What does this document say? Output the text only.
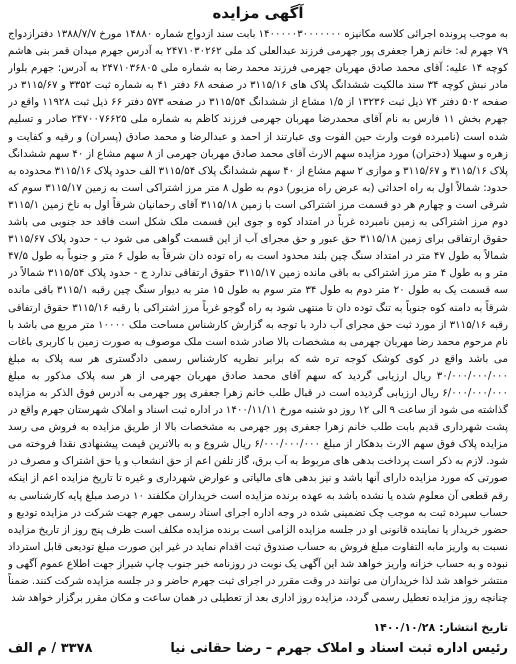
آگهی مزایده

به موجب پرونده اجرائی کلاسه مکانیزه ۱۴۰۰۰۰۰۳۰۰۰۰۰۰۰ بابت سند ازدواج شماره ۱۴۸۸۰ مورخ ۱۳۸۸/۷/۷ دفترازدواج ۷۹ جهرم له: خانم زهرا جعفری پور جهرمی فرزند عبدالعلی کد ملی ۲۴۷۱۰۳۰۲۶۲ به آدرس جهرم میدان قمر بنی هاشم کوچه ۱۴ علیه: آقای محمد صادق مهربان جهرمی فرزند محمد رضا به شماره ملی ۲۴۷۱۰۳۶۸۰۵ به آدرس: جهرم بلوار مادر نبش کوچه ۳۴ سند مالکیت ششدانگ پلاک های ۳۱۱۵/۱۶ در صفحه ۶۸ دفتر ۴۱ به شماره ثبت ۳۳۵۲ و ۳۱۱۵/۶۷ در صفحه ۵۰۲ دفتر ۷۴ ذیل ثبت ۱۳۲۳۶ از ۱/۵ مشاع از ششدانگ ۳۱۱۵/۵۴ در صفحه ۵۷۳ دفتر ۶۶ ذیل ثبت ۱۱۹۲۸ واقع در جهرم بخش ۱۱ فارس به نام آقای محمدرضا مهربان جهرمی فرزند کاظم به شماره ملی ۲۴۷۰۰۷۶۶۲۵ صادر و تسلیم شده است (نامبرده فوت وارث حین الفوت وی عبارتند از احمد و عبدالرضا و محمد صادق (پسران) و رقیه و کفایت و زهره و سهیلا (دختران) مورد مزایده سهم الارث آقای محمد صادق مهربان جهرمی از ۸ سهم مشاع از ۴۰ سهم ششدانگ پلاک ۳۱۱۵/۱۶ و ۳۱۱۵/۶۷ و موازی ۲ سهم مشاع از ۴۰ سهم ششدانگ پلاک ۳۱۱۵/۵۴ الف حدود پلاک ۳۱۱۵/۱۶ محدوده به حدود: شمالاً اول به راه احداثی (به عرض راه مزبور) دوم به طول ۸ متر مرز اشتراکی است به زمین ۳۱۱۵/۱۷ سوم که شرقی است و چهارم هر دو قسمت مرز اشتراکی است با زمین ۳۱۱۵/۱۸ آقای رحمانیان شرقاً اول به ناخ زمین ۳۱۱۵/۱ دوم مرز اشتراکی به زمین نامبرده غرباً در امتداد کوه و جوی این قسمت ملک شکل است فاقد حد جنوبی می باشد حقوق ارتفاقی برای زمین ۳۱۱۵/۱۸ حق عبور و حق مجرای آب از این قسمت گواهی می شود ب - حدود پلاک ۳۱۱۵/۶۷ شمالاً به طول ۴۷ متر در امتداد سنگ چین بلند محدود است به راه توده دان شرقاً به طول ۶ متر و جنوباً به طول ۴۷/۵ متر و به طول ۴ متر مرز اشتراکی به باقی مانده زمین ۳۱۱۵/۱۷ حقوق ارتفاقی ندارد ج - حدود پلاک ۳۱۱۵/۵۴ شمالاً در سه قسمت یک به طول ۲۰ متر دوم به طول ۳۴ متر سوم به طول ۱۵ متر به دیوار سنگ چین رقبه ۳۱۱۵/۱ باقی مانده شرقاً به دامنه کوه جنوباً به تنگ توده دان تا منتهی شود به راه گوجو غرباً مرز اشتراکی با رقبه ۳۱۱۵/۱۶ حقوق ارتفاقی رقبه ۳۱۱۵/۱۶ از مورد ثبت حق مجرای آب دارد با توجه به گزارش کارشناس مساحت ملک ۱۰۰۰۰ متر مربع می باشد با نام مرحوم محمد رضا مهربان جهرمی به مشخصات بالا صادر شده است ملک موصوف به صورت زمین با کاربری باغات می باشد واقع در کوی کوشک کوجه تره شه که برابر نظریه کارشناس رسمی دادگستری هر سه پلاک به مبلغ ۳۰/۰۰۰/۰۰۰/۰۰۰ ریال ارزیابی گردید که سهم آقای محمد صادق مهربان جهرمی از هر سه پلاک مذکور به مبلغ ۶/۰۰۰/۰۰۰/۰۰۰ ریال ارزیابی گردیده است در قبال طلب خانم زهرا جعفری پور جهرمی به آدرس فوق الذکر به مزایده گذاشته می شود از ساعت ۹ الی ۱۲ روز دو شنبه مورخ ۱۴۰۰/۱۱/۱۱ در اداره ثبت اسناد و املاک شهرستان جهرم واقع در پشت شهرداری قدیم بابت طلب خانم زهرا جعفری پور جهرمی به مشخصات بالا از طریق مزایده به فروش می رسد مزایده پلاک فوق سهم الارث بدهکار از مبلغ ۶/۰۰۰/۰۰۰/۰۰۰ ریال شروع و به بالاترین قیمت پیشنهادی نقدا فروخته می شود. لازم به ذکر است پرداخت بدهی های مربوط به آب برق، گاز تلفن اعم از حق انشعاب و یا حق اشتراک و مصرف در صورتی که مورد مزایده دارای آنها باشد و نیز بدهی های مالیاتی و عوارض شهرداری و غیره تا تاریخ مزایده اعم از اینکه رقم قطعی آن معلوم شده یا نشده باشد به عهده برنده مزایده است خریداران مکلفند ۱۰ درصد مبلغ پایه کارشناسی به حساب سپرده ثبت به موجب چک تضمینی شده در وجه اداره اجرای اسناد رسمی جهرم جهت شرکت در مزایده تودیع و حضور خریدار یا نماینده قانونی او در جلسه مزایده الزامی است برنده مزایده مکلف است ظرف پنج روز از تاریخ مزایده نسبت به واریز مابه التفاوت مبلغ فروش به حساب صندوق ثبت اقدام نماید در غیر این صورت مبلغ تودیعی قابل استرداد نبوده و به حساب خزانه واریز خواهد شد این آگهی یک نوبت در روزنامه خبر جنوب چاپ شیراز جهت اطلاع عموم آگهی و منتشر خواهد شد لذا خریداران می توانند در وقت مقرر در اجرای ثبت جهرم حاضر و در جلسه مزایده شرکت کنند. ضمناً چنانچه روز مزایده تعطیل رسمی گردد، مزایده روز اداری بعد از تعطیلی در همان ساعت و مکان مقرر برگزار خواهد شد

تاریخ انتشار: ۱۴۰۰/۱۰/۲۸
رئیس اداره ثبت اسناد و املاک جهرم – رضا حقانی نیا
۳۳۷۸ / م الف
